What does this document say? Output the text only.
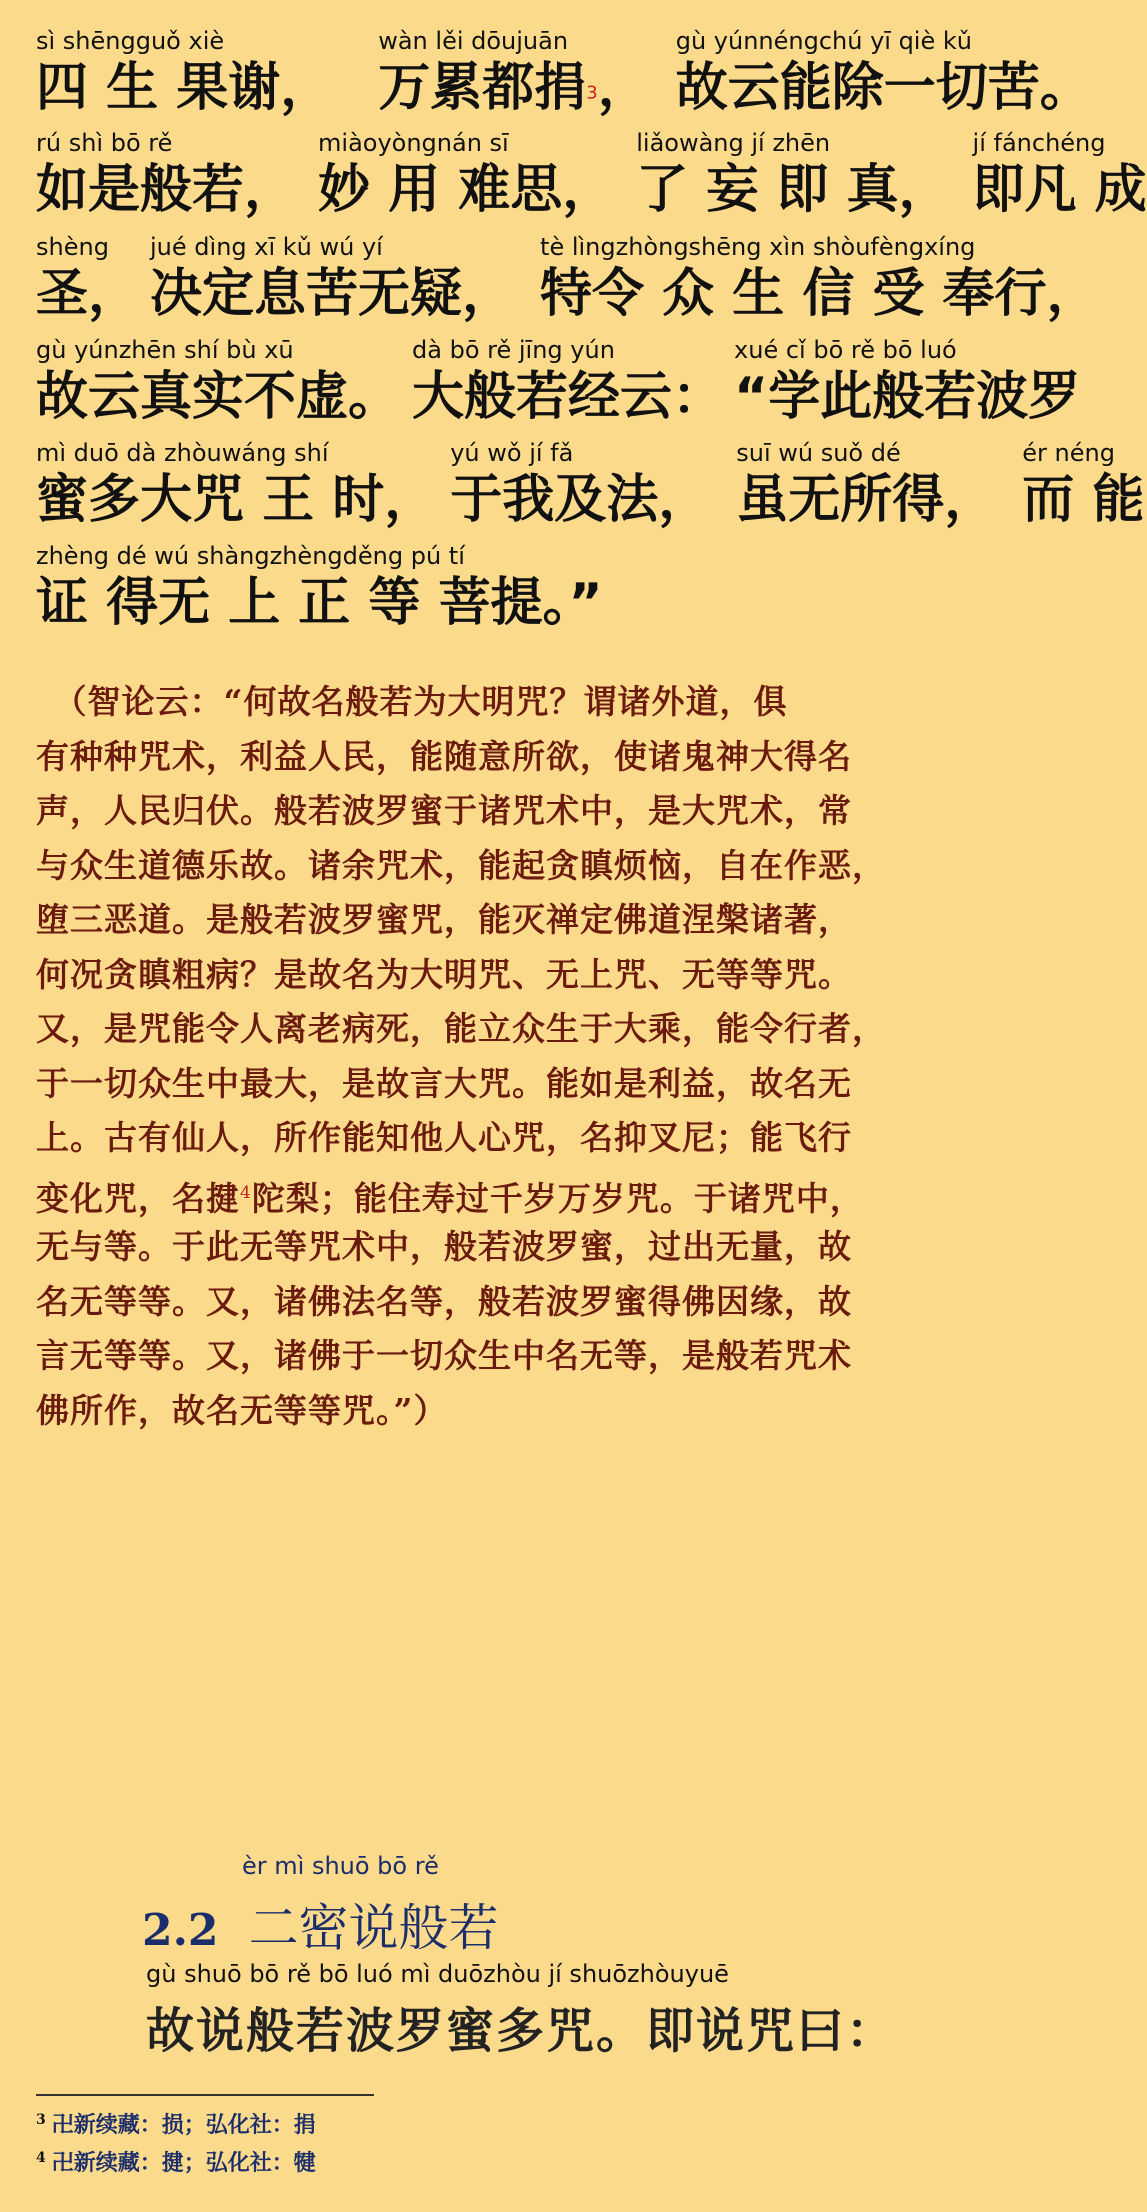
sì shēngguǒ xiè
四 生 果谢，
wàn lěi dōujuān
万累都捐3，
gù yúnnéngchú yī qiè kǔ
故云能除一切苦。
rú shì bō rě
如是般若，
miàoyòngnán sī
妙 用 难思，
liǎowàng jí zhēn
了 妄 即 真，
jí fánchéng
即凡 成
shèng
圣，
jué dìng xī kǔ wú yí
决定息苦无疑，
tè lìngzhòngshēng xìn shòufèngxíng
特令 众 生 信 受 奉行，
gù yúnzhēn shí bù xū
故云真实不虚。
dà bō rě jīng yún
大般若经云：
xué cǐ bō rě bō luó
“学此般若波罗
mì duō dà zhòuwáng shí
蜜多大咒 王 时，
yú wǒ jí fǎ
于我及法，
suī wú suǒ dé
虽无所得，
ér néng
而 能
zhèng dé wú shàngzhèngděng pú tí
证 得无 上 正 等 菩提。”
　（智论云：“何故名般若为大明咒？谓诸外道，俱
有种种咒术，利益人民，能随意所欲，使诸鬼神大得名
声，人民归伏。般若波罗蜜于诸咒术中，是大咒术，常
与众生道德乐故。诸余咒术，能起贪瞋烦恼，自在作恶，
堕三恶道。是般若波罗蜜咒，能灭禅定佛道涅槃诸著，
何况贪瞋粗病？是故名为大明咒、无上咒、无等等咒。
又，是咒能令人离老病死，能立众生于大乘，能令行者，
于一切众生中最大，是故言大咒。能如是利益，故名无
上。古有仙人，所作能知他人心咒，名抑叉尼；能飞行
变化咒，名揵$^4$陀梨；能住寿过千岁万岁咒。于诸咒中，
无与等。于此无等咒术中，般若波罗蜜，过出无量，故
名无等等。又，诸佛法名等，般若波罗蜜得佛因缘，故
言无等等。又，诸佛于一切众生中名无等，是般若咒术
佛所作，故名无等等咒。”）
èr mì shuō bō rě
2.2 二密说般若
gù shuō bō rě bō luó mì duōzhòu jí shuōzhòuyuē
故说般若波罗蜜多咒。即说咒曰：
$^3$ 卍新续藏：损；弘化社：捐
$^4$ 卍新续藏：揵；弘化社：犍
